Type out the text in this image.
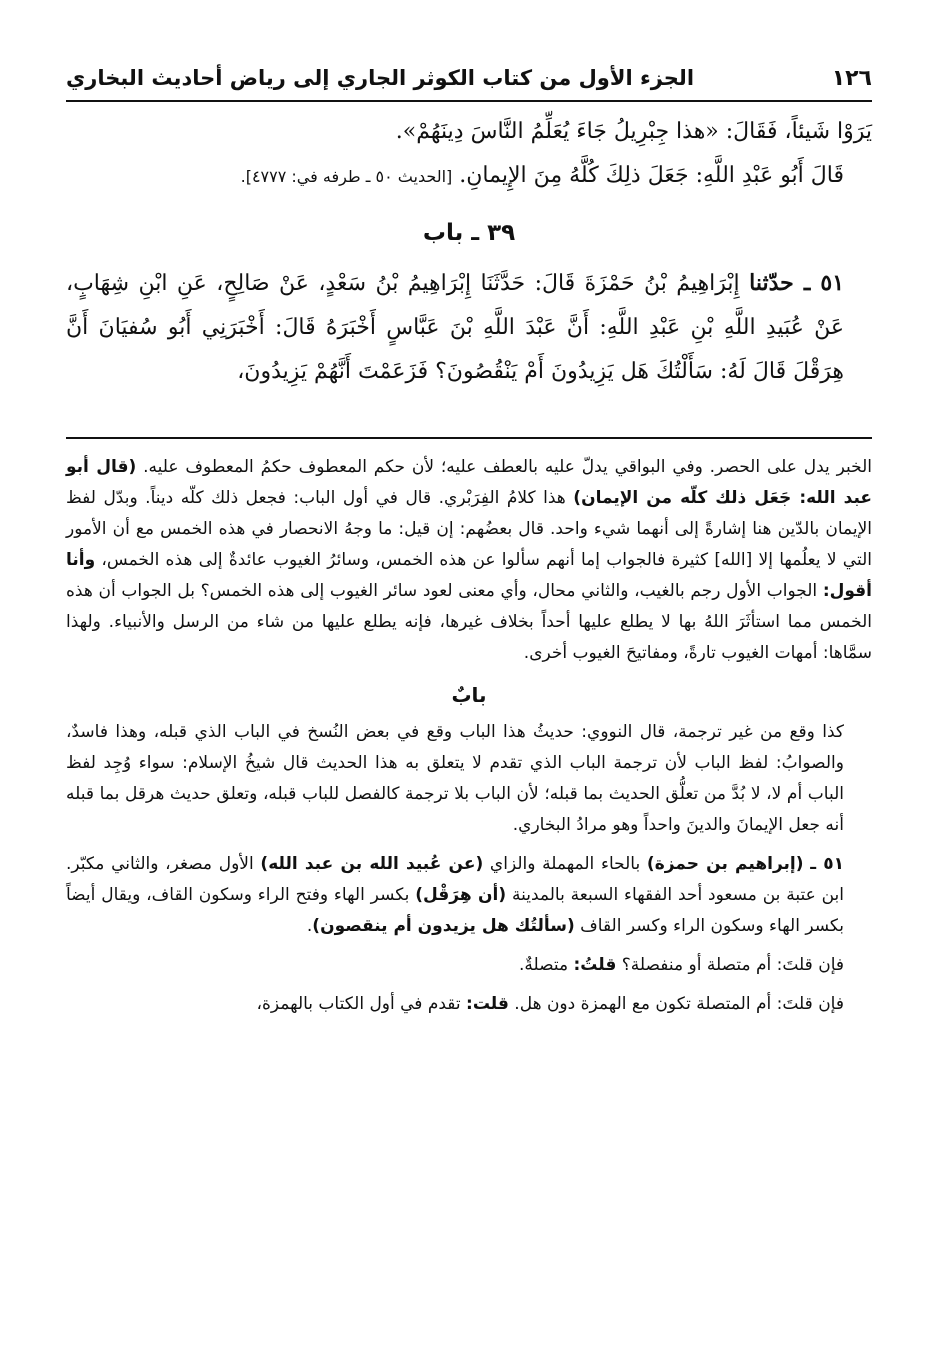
١٢٦
الجزء الأول من كتاب الكوثر الجاري إلى رياض أحاديث البخاري

يَرَوْا شَيئاً، فَقَالَ: «هذا جِبْرِيلُ جَاءَ يُعَلِّمُ النَّاسَ دِينَهُمْ».

قَالَ أَبُو عَبْدِ اللَّهِ: جَعَلَ ذلِكَ كُلَّهُ مِنَ الإِيمانِ. [الحديث ٥٠ ـ طرفه في: ٤٧٧٧].

٣٩ ـ باب

٥١ ـ حدّثنا إِبْرَاهِيمُ بْنُ حَمْزَةَ قَالَ: حَدَّثَنَا إِبْرَاهِيمُ بْنُ سَعْدٍ، عَنْ صَالِحٍ، عَنِ ابْنِ شِهَابٍ، عَنْ عُبَيدِ اللَّهِ بْنِ عَبْدِ اللَّهِ: أَنَّ عَبْدَ اللَّهِ بْنَ عَبَّاسٍ أَخْبَرَهُ قَالَ: أَخْبَرَنِي أَبُو سُفيَانَ أَنَّ هِرَقْلَ قَالَ لَهُ: سَأَلْتُكَ هَل يَزِيدُونَ أَمْ يَنْقُصُونَ؟ فَزَعَمْتَ أَنَّهُمْ يَزِيدُونَ،

الخبر يدل على الحصر. وفي البواقي يدلّ عليه بالعطف عليه؛ لأن حكم المعطوف حكمُ المعطوف عليه. (قال أبو عبد الله: جَعَل ذلك كلّه من الإيمان) هذا كلامُ الفِرَبْري. قال في أول الباب: فجعل ذلك كلّه ديناً. وبدّل لفظ الإيمان بالدّين هنا إشارةً إلى أنهما شيء واحد. قال بعضُهم: إن قيل: ما وجهُ الانحصار في هذه الخمس مع أن الأمور التي لا يعلُمها إلا [الله] كثيرة فالجواب إما أنهم سألوا عن هذه الخمس، وسائرُ الغيوب عائدةٌ إلى هذه الخمس، وأنا أقول: الجواب الأول رجم بالغيب، والثاني محال، وأي معنى لعود سائر الغيوب إلى هذه الخمس؟ بل الجواب أن هذه الخمس مما استأثَرَ اللهُ بها لا يطلع عليها أحداً بخلاف غيرها، فإنه يطلع عليها من شاء من الرسل والأنبياء. ولهذا سمَّاها: أمهات الغيوب تارةً، ومفاتيحَ الغيوب أخرى.

بابٌ

كذا وقع من غير ترجمة، قال النووي: حديثُ هذا الباب وقع في بعض النُسخ في الباب الذي قبله، وهذا فاسدٌ، والصوابُ: لفظ الباب لأن ترجمة الباب الذي تقدم لا يتعلق به هذا الحديث قال شيخُ الإسلام: سواء وُجِد لفظ الباب أم لا، لا بُدَّ من تعلُّق الحديث بما قبله؛ لأن الباب بلا ترجمة كالفصل للباب قبله، وتعلق حديث هرقل بما قبله أنه جعل الإيمانَ والدينَ واحداً وهو مرادُ البخاري.

٥١ ـ (إبراهيم بن حمزة) بالحاء المهملة والزاي (عن عُبيد الله بن عبد الله) الأول مصغر، والثاني مكبّر. ابن عتبة بن مسعود أحد الفقهاء السبعة بالمدينة (أن هِرَقْل) بكسر الهاء وفتح الراء وسكون القاف، ويقال أيضاً بكسر الهاء وسكون الراء وكسر القاف (سألتُك هل يزيدون أم ينقصون).

فإن قلتَ: أم متصلة أو منفصلة؟ قلتُ: متصلةٌ.

فإن قلتَ: أم المتصلة تكون مع الهمزة دون هل. قلت: تقدم في أول الكتاب بالهمزة،
